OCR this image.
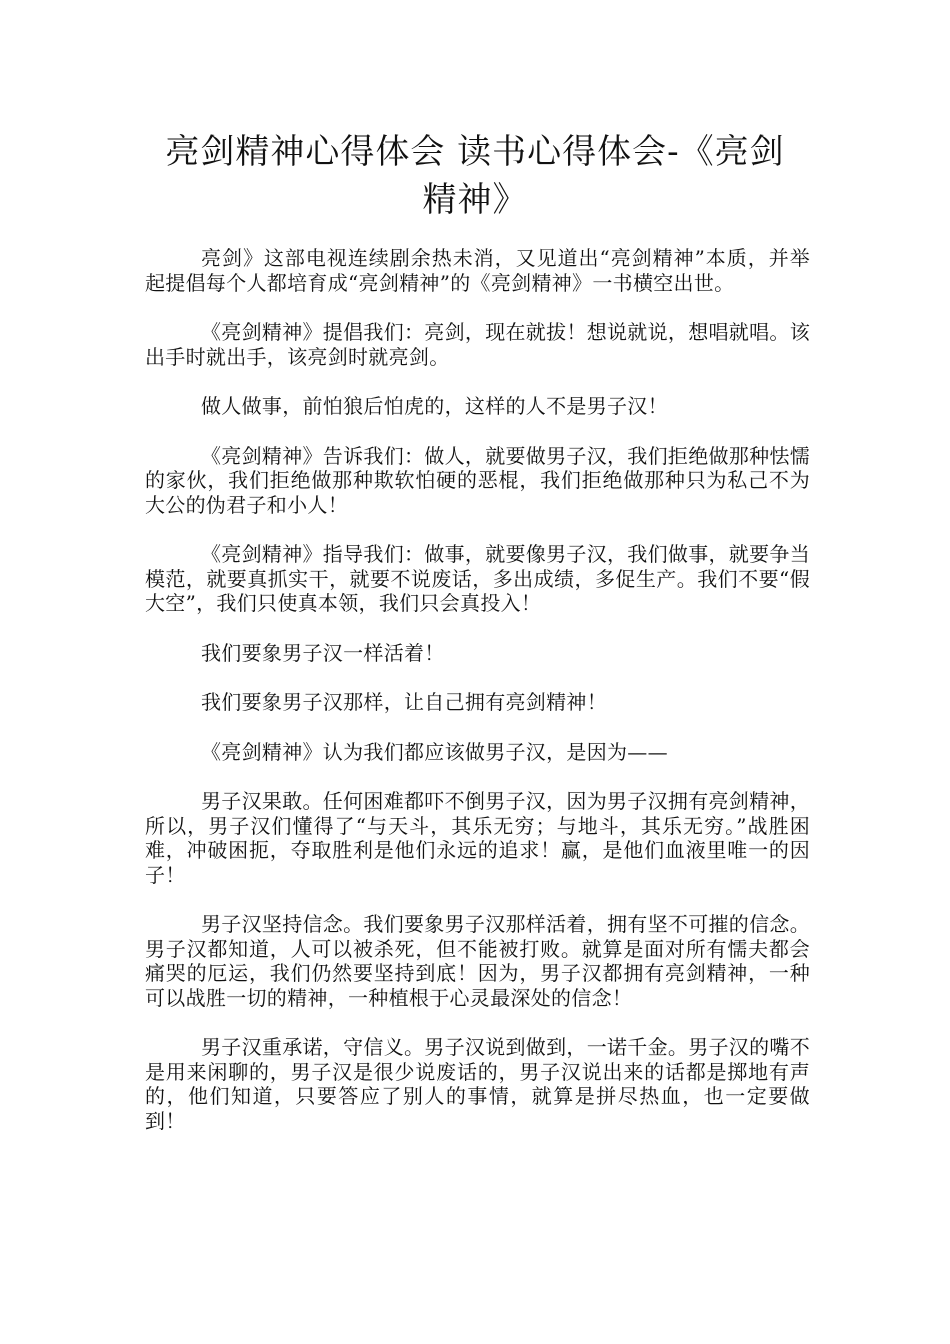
亮剑精神心得体会 读书心得体会-《亮剑精神》

亮剑》这部电视连续剧余热未消，又见道出“亮剑精神”本质，并举起提倡每个人都培育成“亮剑精神”的《亮剑精神》一书横空出世。

《亮剑精神》提倡我们：亮剑，现在就拔！想说就说，想唱就唱。该出手时就出手，该亮剑时就亮剑。

做人做事，前怕狼后怕虎的，这样的人不是男子汉！

《亮剑精神》告诉我们：做人，就要做男子汉，我们拒绝做那种怯懦的家伙，我们拒绝做那种欺软怕硬的恶棍，我们拒绝做那种只为私己不为大公的伪君子和小人！

《亮剑精神》指导我们：做事，就要像男子汉，我们做事，就要争当模范，就要真抓实干，就要不说废话，多出成绩，多促生产。我们不要“假大空”，我们只使真本领，我们只会真投入！

我们要象男子汉一样活着！

我们要象男子汉那样，让自己拥有亮剑精神！

《亮剑精神》认为我们都应该做男子汉，是因为——

男子汉果敢。任何困难都吓不倒男子汉，因为男子汉拥有亮剑精神，所以，男子汉们懂得了“与天斗，其乐无穷；与地斗，其乐无穷。”战胜困难，冲破困扼，夺取胜利是他们永远的追求！赢，是他们血液里唯一的因子！

男子汉坚持信念。我们要象男子汉那样活着，拥有坚不可摧的信念。男子汉都知道，人可以被杀死，但不能被打败。就算是面对所有懦夫都会痛哭的厄运，我们仍然要坚持到底！因为，男子汉都拥有亮剑精神，一种可以战胜一切的精神，一种植根于心灵最深处的信念！

男子汉重承诺，守信义。男子汉说到做到，一诺千金。男子汉的嘴不是用来闲聊的，男子汉是很少说废话的，男子汉说出来的话都是掷地有声的，他们知道，只要答应了别人的事情，就算是拼尽热血，也一定要做到！
